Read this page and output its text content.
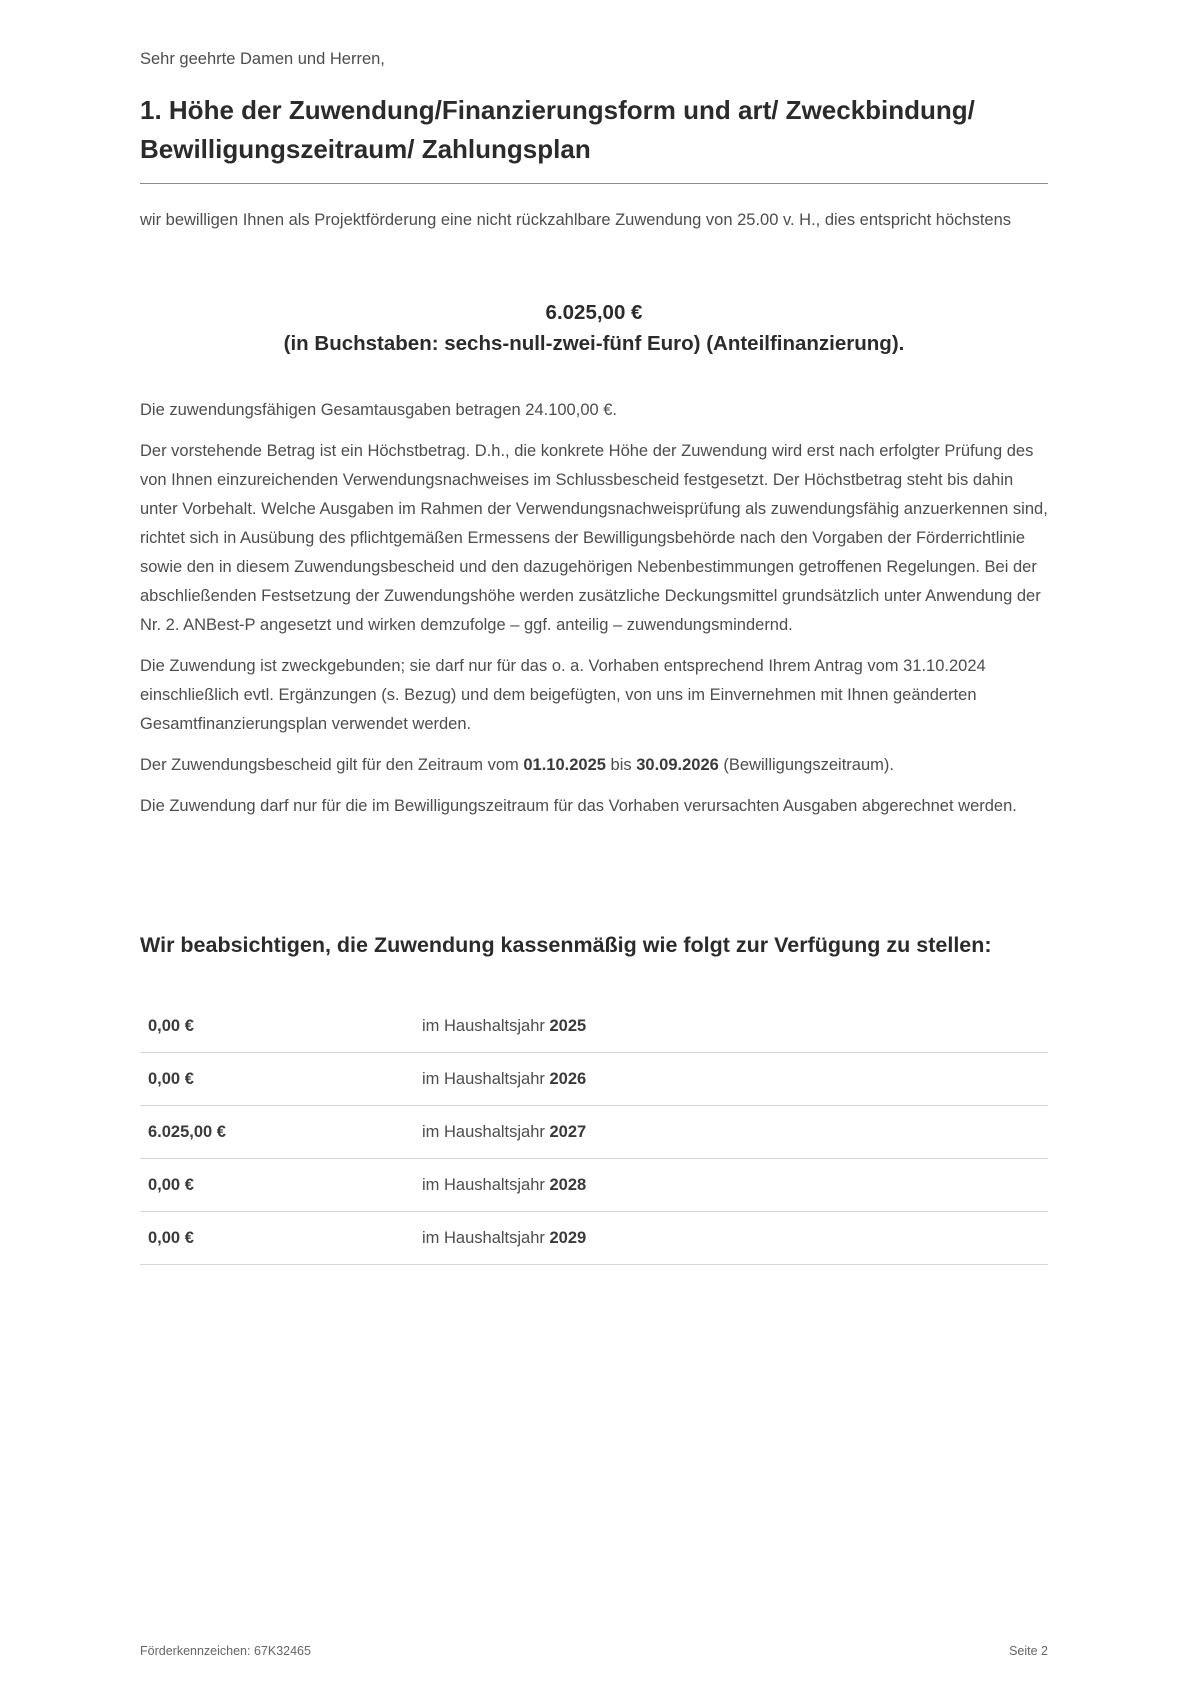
Sehr geehrte Damen und Herren,

1. Höhe der Zuwendung/Finanzierungsform und art/ Zweckbindung/ Bewilligungszeitraum/ Zahlungsplan

wir bewilligen Ihnen als Projektförderung eine nicht rückzahlbare Zuwendung von 25.00 v. H., dies entspricht höchstens

6.025,00 €
(in Buchstaben: sechs-null-zwei-fünf Euro) (Anteilfinanzierung).

Die zuwendungsfähigen Gesamtausgaben betragen 24.100,00 €.

Der vorstehende Betrag ist ein Höchstbetrag. D.h., die konkrete Höhe der Zuwendung wird erst nach erfolgter Prüfung des von Ihnen einzureichenden Verwendungsnachweises im Schlussbescheid festgesetzt. Der Höchstbetrag steht bis dahin unter Vorbehalt. Welche Ausgaben im Rahmen der Verwendungsnachweisprüfung als zuwendungsfähig anzuerkennen sind, richtet sich in Ausübung des pflichtgemäßen Ermessens der Bewilligungsbehörde nach den Vorgaben der Förderrichtlinie sowie den in diesem Zuwendungsbescheid und den dazugehörigen Nebenbestimmungen getroffenen Regelungen. Bei der abschließenden Festsetzung der Zuwendungshöhe werden zusätzliche Deckungsmittel grundsätzlich unter Anwendung der Nr. 2. ANBest-P angesetzt und wirken demzufolge – ggf. anteilig – zuwendungsmindernd.

Die Zuwendung ist zweckgebunden; sie darf nur für das o. a. Vorhaben entsprechend Ihrem Antrag vom 31.10.2024 einschließlich evtl. Ergänzungen (s. Bezug) und dem beigefügten, von uns im Einvernehmen mit Ihnen geänderten Gesamtfinanzierungsplan verwendet werden.

Der Zuwendungsbescheid gilt für den Zeitraum vom 01.10.2025 bis 30.09.2026 (Bewilligungszeitraum).

Die Zuwendung darf nur für die im Bewilligungszeitraum für das Vorhaben verursachten Ausgaben abgerechnet werden.

Wir beabsichtigen, die Zuwendung kassenmäßig wie folgt zur Verfügung zu stellen:
0,00 €	im Haushaltsjahr 2025
0,00 €	im Haushaltsjahr 2026
6.025,00 €	im Haushaltsjahr 2027
0,00 €	im Haushaltsjahr 2028
0,00 €	im Haushaltsjahr 2029
Förderkennzeichen: 67K32465	Seite 2
